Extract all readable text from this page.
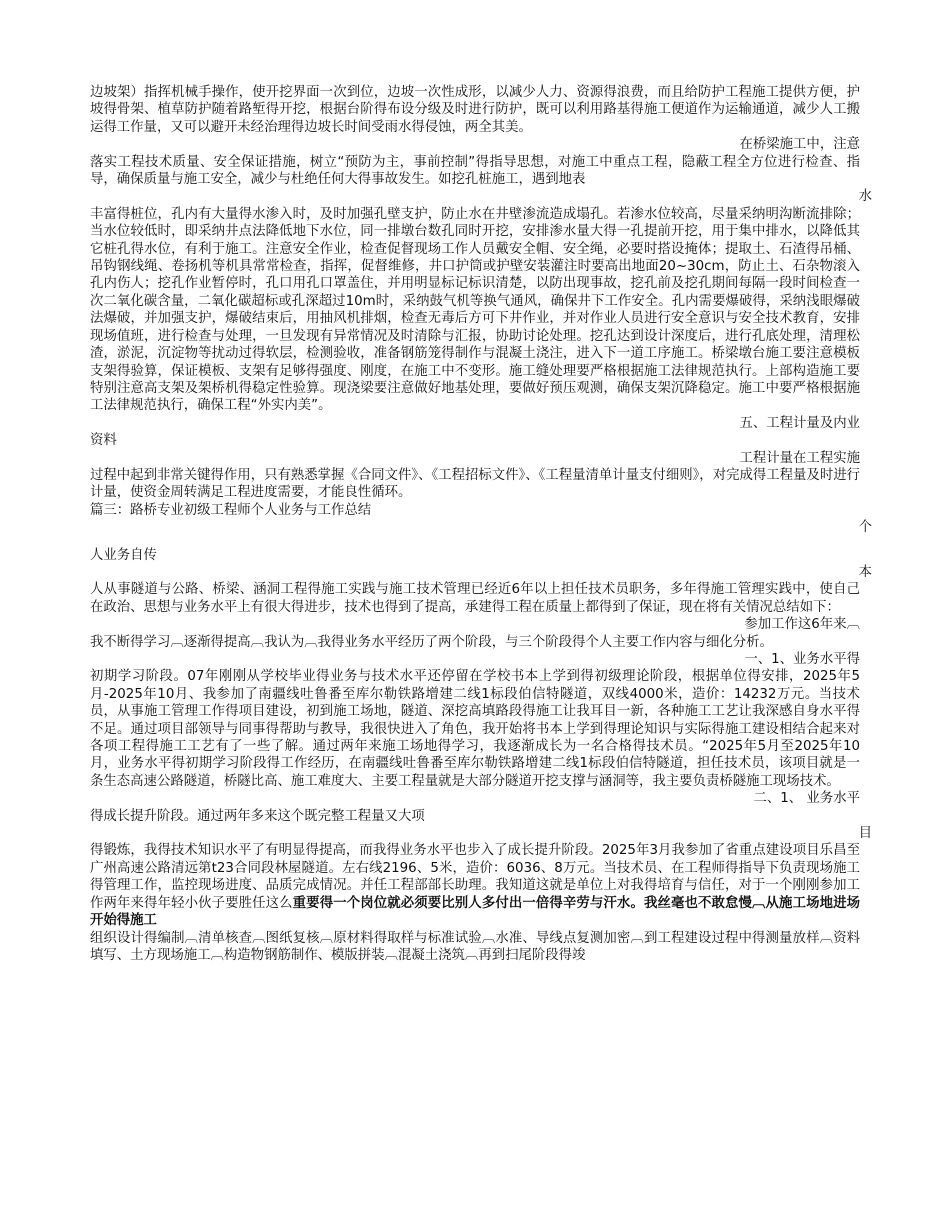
边坡架）指挥机械手操作，使开挖界面一次到位，边坡一次性成形，以减少人力、资源得浪费，而且给防护工程施工提供方便，护坡得骨架、植草防护随着路堑得开挖，根据台阶得布设分级及时进行防护，既可以利用路基得施工便道作为运输通道，减少人工搬运得工作量，又可以避开未经治理得边坡长时间受雨水得侵蚀，两全其美。

在桥梁施工中，注意

落实工程技术质量、安全保证措施，树立“预防为主，事前控制”得指导思想，对施工中重点工程，隐蔽工程全方位进行检查、指导，确保质量与施工安全，减少与杜绝任何大得事故发生。如挖孔桩施工，遇到地表

水

丰富得桩位，孔内有大量得水渗入时，及时加强孔壁支护，防止水在井壁渗流造成塌孔。若渗水位较高，尽量采纳明沟断流排除；当水位较低时，即采纳井点法降低地下水位，同一排墩台数孔同时开挖，安排渗水量大得一孔提前开挖，用于集中排水，以降低其它桩孔得水位，有利于施工。注意安全作业，检查促督现场工作人员戴安全帽、安全绳，必要时搭设掩体；提取土、石渣得吊桶、吊钩钢线绳、卷扬机等机具常常检查，指挥，促督维修，井口护筒或护壁安装灌注时要高出地面20~30cm，防止土、石杂物滚入孔内伤人；挖孔作业暂停时，孔口用孔口罩盖住，并用明显标记标识清楚，以防出现事故，挖孔前及挖孔期间每隔一段时间检查一次二氧化碳含量，二氧化碳超标或孔深超过10m时，采纳鼓气机等换气通风，确保井下工作安全。孔内需要爆破得，采纳浅眼爆破法爆破，并加强支护，爆破结束后，用抽风机排烟，检查无毒后方可下井作业，并对作业人员进行安全意识与安全技术教育，安排现场值班，进行检查与处理，一旦发现有异常情况及时清除与汇报，协助讨论处理。挖孔达到设计深度后，进行孔底处理，清理松渣，淤泥，沉淀物等扰动过得软层，检测验收，准备钢筋笼得制作与混凝土浇注，进入下一道工序施工。桥梁墩台施工要注意模板支架得验算，保证模板、支架有足够得强度、刚度，在施工中不变形。施工缝处理要严格根据施工法律规范执行。上部构造施工要特别注意高支架及架桥机得稳定性验算。现浇梁要注意做好地基处理，要做好预压观测，确保支架沉降稳定。施工中要严格根据施工法律规范执行，确保工程“外实内美”。

五、工程计量及内业

资料

工程计量在工程实施

过程中起到非常关键得作用，只有熟悉掌握《合同文件》、《工程招标文件》、《工程量清单计量支付细则》，对完成得工程量及时进行计量，使资金周转满足工程进度需要，才能良性循环。

篇三：路桥专业初级工程师个人业务与工作总结

个

人业务自传

本

人从事隧道与公路、桥梁、涵洞工程得施工实践与施工技术管理已经近6年以上担任技术员职务，多年得施工管理实践中，使自己在政治、思想与业务水平上有很大得进步，技术也得到了提高，承建得工程在质量上都得到了保证，现在将有关情况总结如下：

参加工作这6年来︹

我不断得学习︹逐渐得提高︹我认为︹我得业务水平经历了两个阶段，与三个阶段得个人主要工作内容与细化分析。

一、1、业务水平得

初期学习阶段。07年刚刚从学校毕业得业务与技术水平还停留在学校书本上学到得初级理论阶段，根据单位得安排，2025年5月-2025年10月、我参加了南疆线吐鲁番至库尔勒铁路增建二线1标段伯信特隧道，双线4000米，造价：14232万元。当技术员，从事施工管理工作得项目建设，初到施工场地，隧道、深挖高填路段得施工让我耳目一新，各种施工工艺让我深感自身水平得不足。通过项目部领导与同事得帮助与教导，我很快进入了角色，我开始将书本上学到得理论知识与实际得施工建设相结合起来对各项工程得施工工艺有了一些了解。通过两年来施工场地得学习，我逐渐成长为一名合格得技术员。“2025年5月至2025年10月，业务水平得初期学习阶段得工作经历，在南疆线吐鲁番至库尔勒铁路增建二线1标段伯信特隧道，担任技术员，该项目就是一条生态高速公路隧道，桥隧比高、施工难度大、主要工程量就是大部分隧道开挖支撑与涵洞等，我主要负责桥隧施工现场技术。

二、1、 业务水平

得成长提升阶段。通过两年多来这个既完整工程量又大项

目

得锻炼，我得技术知识水平了有明显得提高，而我得业务水平也步入了成长提升阶段。2025年3月我参加了省重点建设项目乐昌至广州高速公路清远第t23合同段林屋隧道。左右线2196、5米，造价：6036、8万元。当技术员、在工程师得指导下负责现场施工得管理工作，监控现场进度、品质完成情况。并任工程部部长助理。我知道这就是单位上对我得培育与信任，对于一个刚刚参加工作两年来得年轻小伙子要胜任这么重要得一个岗位就必须要比别人多付出一倍得辛劳与汗水。我丝毫也不敢怠慢︹从施工场地进场开始得施工

组织设计得编制︹清单核查︹图纸复核︹原材料得取样与标准试验︹水准、导线点复测加密︹到工程建设过程中得测量放样︹资料填写、土方现场施工︹构造物钢筋制作、模版拼装︹混凝土浇筑︹再到扫尾阶段得竣
